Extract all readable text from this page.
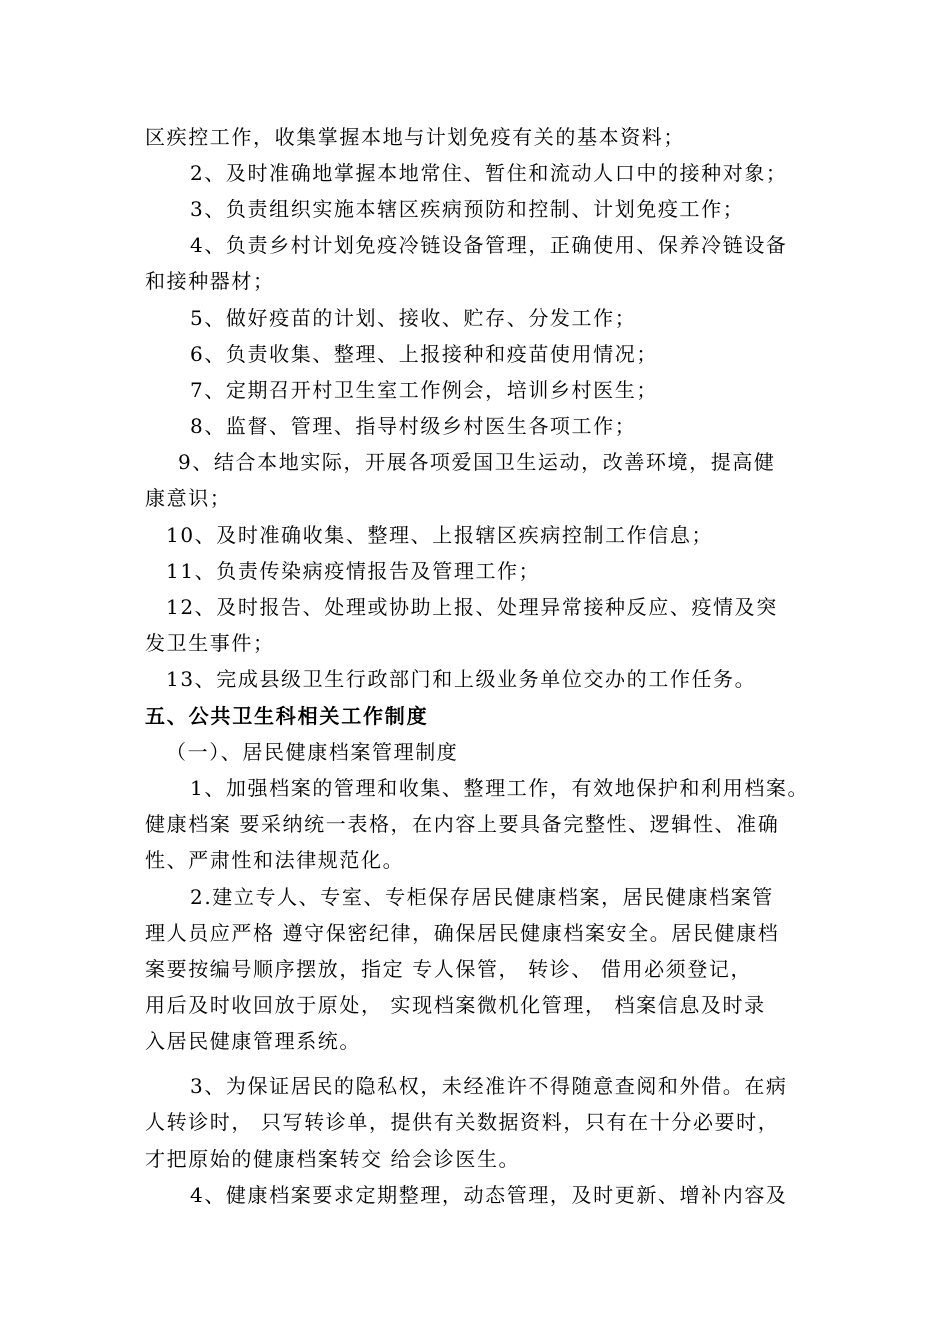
区疾控工作，收集掌握本地与计划免疫有关的基本资料；
2、及时准确地掌握本地常住、暂住和流动人口中的接种对象；
3、负责组织实施本辖区疾病预防和控制、计划免疫工作；
4、负责乡村计划免疫冷链设备管理，正确使用、保养冷链设备
和接种器材；
5、做好疫苗的计划、接收、贮存、分发工作；
6、负责收集、整理、上报接种和疫苗使用情况；
7、定期召开村卫生室工作例会，培训乡村医生；
8、监督、管理、指导村级乡村医生各项工作；
9、结合本地实际，开展各项爱国卫生运动，改善环境，提高健
康意识；
10、及时准确收集、整理、上报辖区疾病控制工作信息；
11、负责传染病疫情报告及管理工作；
12、及时报告、处理或协助上报、处理异常接种反应、疫情及突
发卫生事件；
13、完成县级卫生行政部门和上级业务单位交办的工作任务。
五、公共卫生科相关工作制度
（一）、居民健康档案管理制度
1、加强档案的管理和收集、整理工作，有效地保护和利用档案。
健康档案 要采纳统一表格，在内容上要具备完整性、逻辑性、准确
性、严肃性和法律规范化。
2.建立专人、专室、专柜保存居民健康档案，居民健康档案管
理人员应严格 遵守保密纪律，确保居民健康档案安全。居民健康档
案要按编号顺序摆放，指定 专人保管， 转诊、 借用必须登记，
用后及时收回放于原处， 实现档案微机化管理， 档案信息及时录
入居民健康管理系统。
3、为保证居民的隐私权，未经准许不得随意查阅和外借。在病
人转诊时， 只写转诊单，提供有关数据资料，只有在十分必要时，
才把原始的健康档案转交 给会诊医生。
4、健康档案要求定期整理，动态管理，及时更新、增补内容及
